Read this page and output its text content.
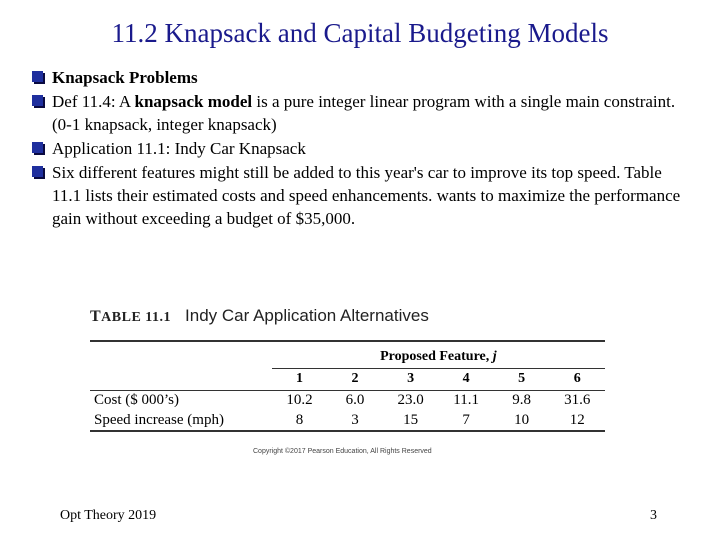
11.2 Knapsack and Capital Budgeting Models
Knapsack Problems
Def 11.4: A knapsack model is a pure integer linear program with a single main constraint. (0-1 knapsack, integer knapsack)
Application 11.1: Indy Car Knapsack
Six different features might still be added to this year's car to improve its top speed. Table 11.1 lists their estimated costs and speed enhancements. wants to maximize the performance gain without exceeding a budget of $35,000.
TABLE 11.1 Indy Car Application Alternatives
	Proposed Feature, j					
	1	2	3	4	5	6
Cost ($ 000’s)	10.2	6.0	23.0	11.1	9.8	31.6
Speed increase (mph)	8	3	15	7	10	12
Copyright ©2017 Pearson Education, All Rights Reserved
Opt Theory 2019	3
